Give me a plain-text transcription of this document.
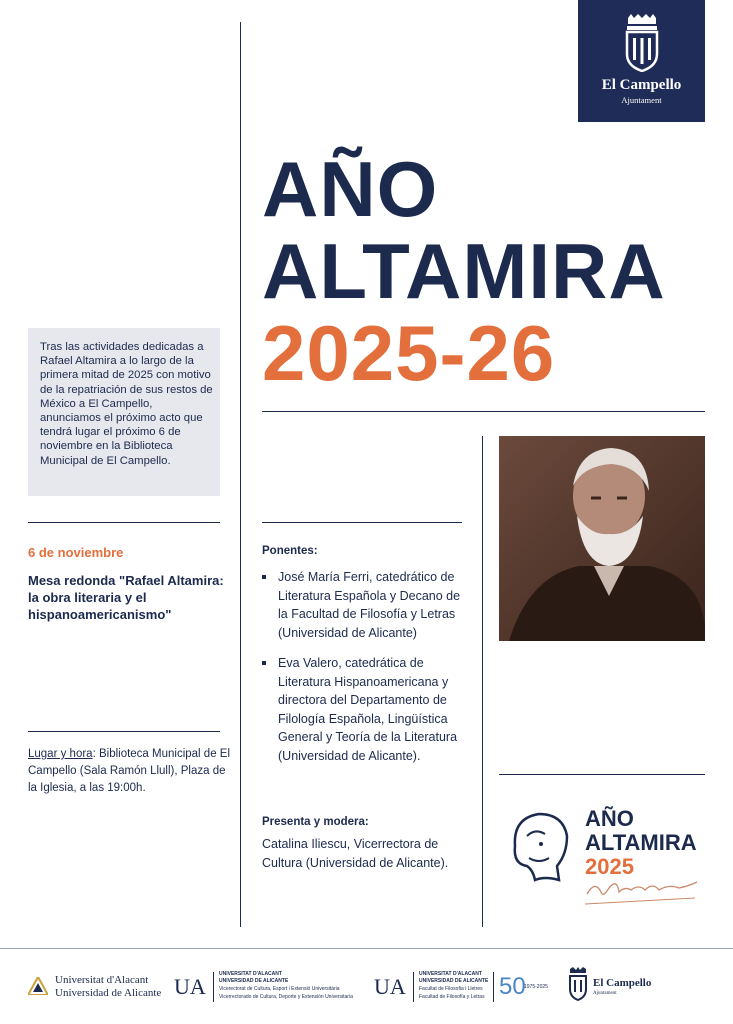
El Campello
Ajuntament
AÑO
ALTAMIRA
2025-26

Tras las actividades dedicadas a Rafael Altamira a lo largo de la primera mitad de 2025 con motivo de la repatriación de sus restos de México a El Campello, anunciamos el próximo acto que tendrá lugar el próximo 6 de noviembre en la Biblioteca Municipal de El Campello.

6 de noviembre
Mesa redonda "Rafael Altamira: la obra literaria y el hispanoamericanismo"
Lugar y hora: Biblioteca Municipal de El Campello (Sala Ramón Llull), Plaza de la Iglesia, a las 19:00h.
Ponentes:
José María Ferri, catedrático de Literatura Española y Decano de la Facultad de Filosofía y Letras (Universidad de Alicante)
Eva Valero, catedrática de Literatura Hispanoamericana y directora del Departamento de Filología Española, Lingüística General y Teoría de la Literatura (Universidad de Alicante).
Presenta y modera:
Catalina Iliescu, Vicerrectora de Cultura (Universidad de Alicante).
AÑO
ALTAMIRA
2025
Universitat d'Alacant
Universidad de Alicante UA	UNIVERSITAT D'ALACANT
UNIVERSIDAD DE ALICANTE
Vicerectorat de Cultura, Esport i Extensió Universitària
Vicerrectorado de Cultura, Deporte y Extensión Universitaria UA	UNIVERSITAT D'ALACANT
UNIVERSIDAD DE ALICANTE
Facultat de Filosofia i Lletres
Facultad de Filosofía y Letras 50
1975-2025	El Campello
Ajuntament
